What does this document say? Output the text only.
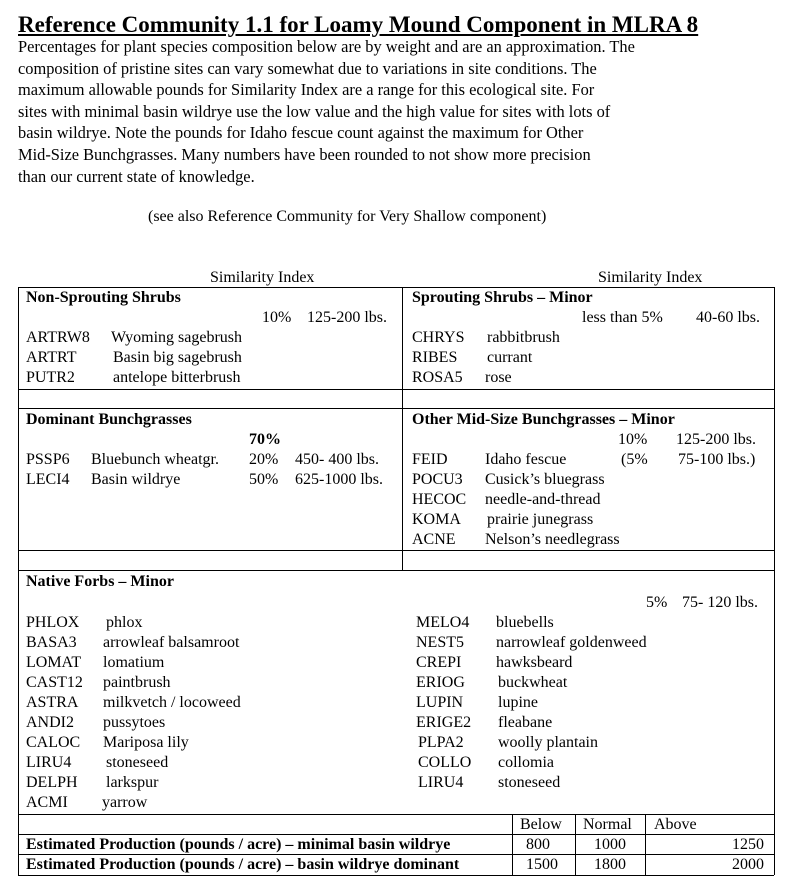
Reference Community 1.1 for Loamy Mound Component in MLRA 8
Percentages for plant species composition below are by weight and are an approximation. The
composition of pristine sites can vary somewhat due to variations in site conditions. The
maximum allowable pounds for Similarity Index are a range for this ecological site. For
sites with minimal basin wildrye use the low value and the high value for sites with lots of
basin wildrye. Note the pounds for Idaho fescue count against the maximum for Other
Mid-Size Bunchgrasses. Many numbers have been rounded to not show more precision
than our current state of knowledge.
(see also Reference Community for Very Shallow component)
Similarity Index	Similarity Index
Non-Sprouting Shrubs
10% 125-200 lbs.
ARTRW8 Wyoming sagebrush
ARTRT Basin big sagebrush
PUTR2 antelope bitterbrush
Sprouting Shrubs – Minor
less than 5% 40-60 lbs.
CHRYS rabbitbrush
RIBES currant
ROSA5 rose
Dominant Bunchgrasses
70%
PSSP6 Bluebunch wheatgr. 20% 450- 400 lbs.
LECI4 Basin wildrye	50% 625-1000 lbs.
Other Mid-Size Bunchgrasses – Minor
10% 125-200 lbs.
FEID Idaho fescue	(5% 75-100 lbs.)
POCU3 Cusick’s bluegrass
HECOC needle-and-thread
KOMA prairie junegrass
ACNE Nelson’s needlegrass
Native Forbs – Minor
5% 75- 120 lbs.
PHLOX phlox
BASA3 arrowleaf balsamroot
LOMAT lomatium
CAST12 paintbrush
ASTRA milkvetch / locoweed
ANDI2 pussytoes
CALOC Mariposa lily
LIRU4 stoneseed
DELPH larkspur
ACMI yarrow
MELO4 bluebells
NEST5 narrowleaf goldenweed
CREPI hawksbeard
ERIOG buckwheat
LUPIN lupine
ERIGE2 fleabane
PLPA2 woolly plantain
COLLO collomia
LIRU4 stoneseed
Below Normal Above
Estimated Production (pounds / acre) – minimal basin wildrye	800	1000	1250
Estimated Production (pounds / acre) – basin wildrye dominant	1500 1800	2000
